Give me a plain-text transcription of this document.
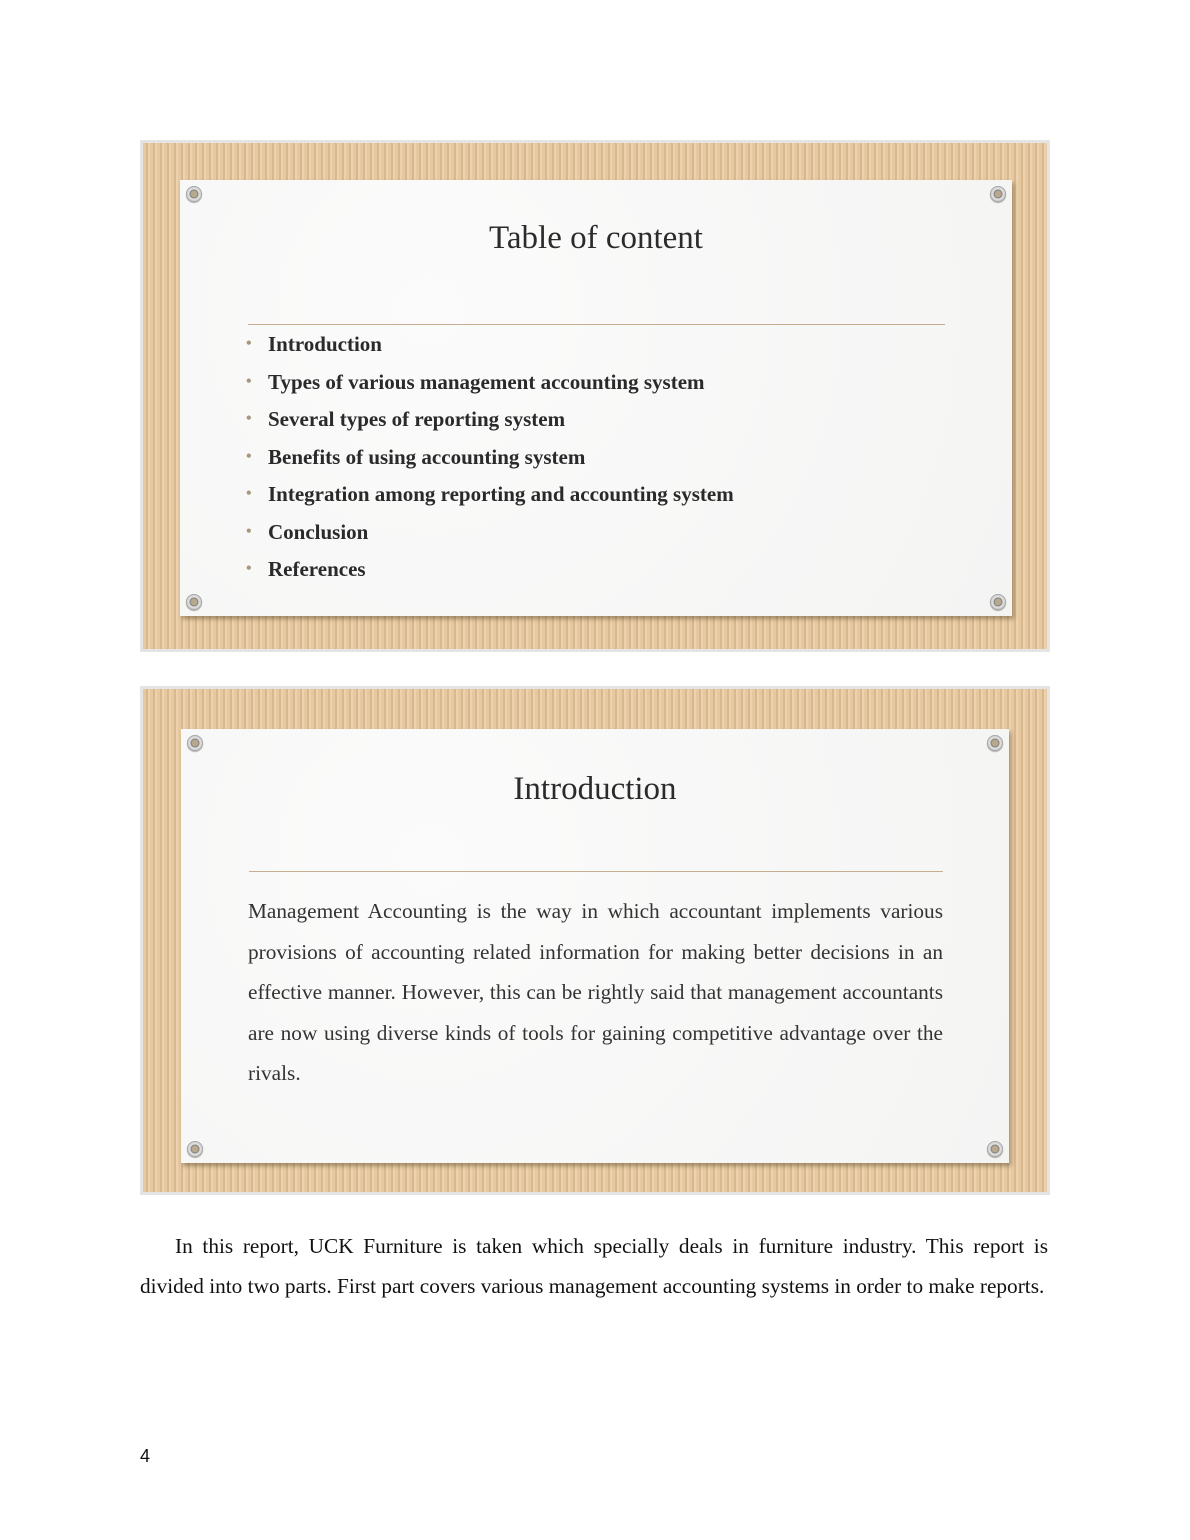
Table of content
• Introduction
• Types of various management accounting system
• Several types of reporting system
• Benefits of using accounting system
• Integration among reporting and accounting system
• Conclusion
• References
Introduction

Management Accounting is the way in which accountant implements various provisions of accounting related information for making better decisions in an effective manner. However, this can be rightly said that management accountants are now using diverse kinds of tools for gaining competitive advantage over the rivals.

In this report, UCK Furniture is taken which specially deals in furniture industry. This report is divided into two parts. First part covers various management accounting systems in order to make reports.

4
